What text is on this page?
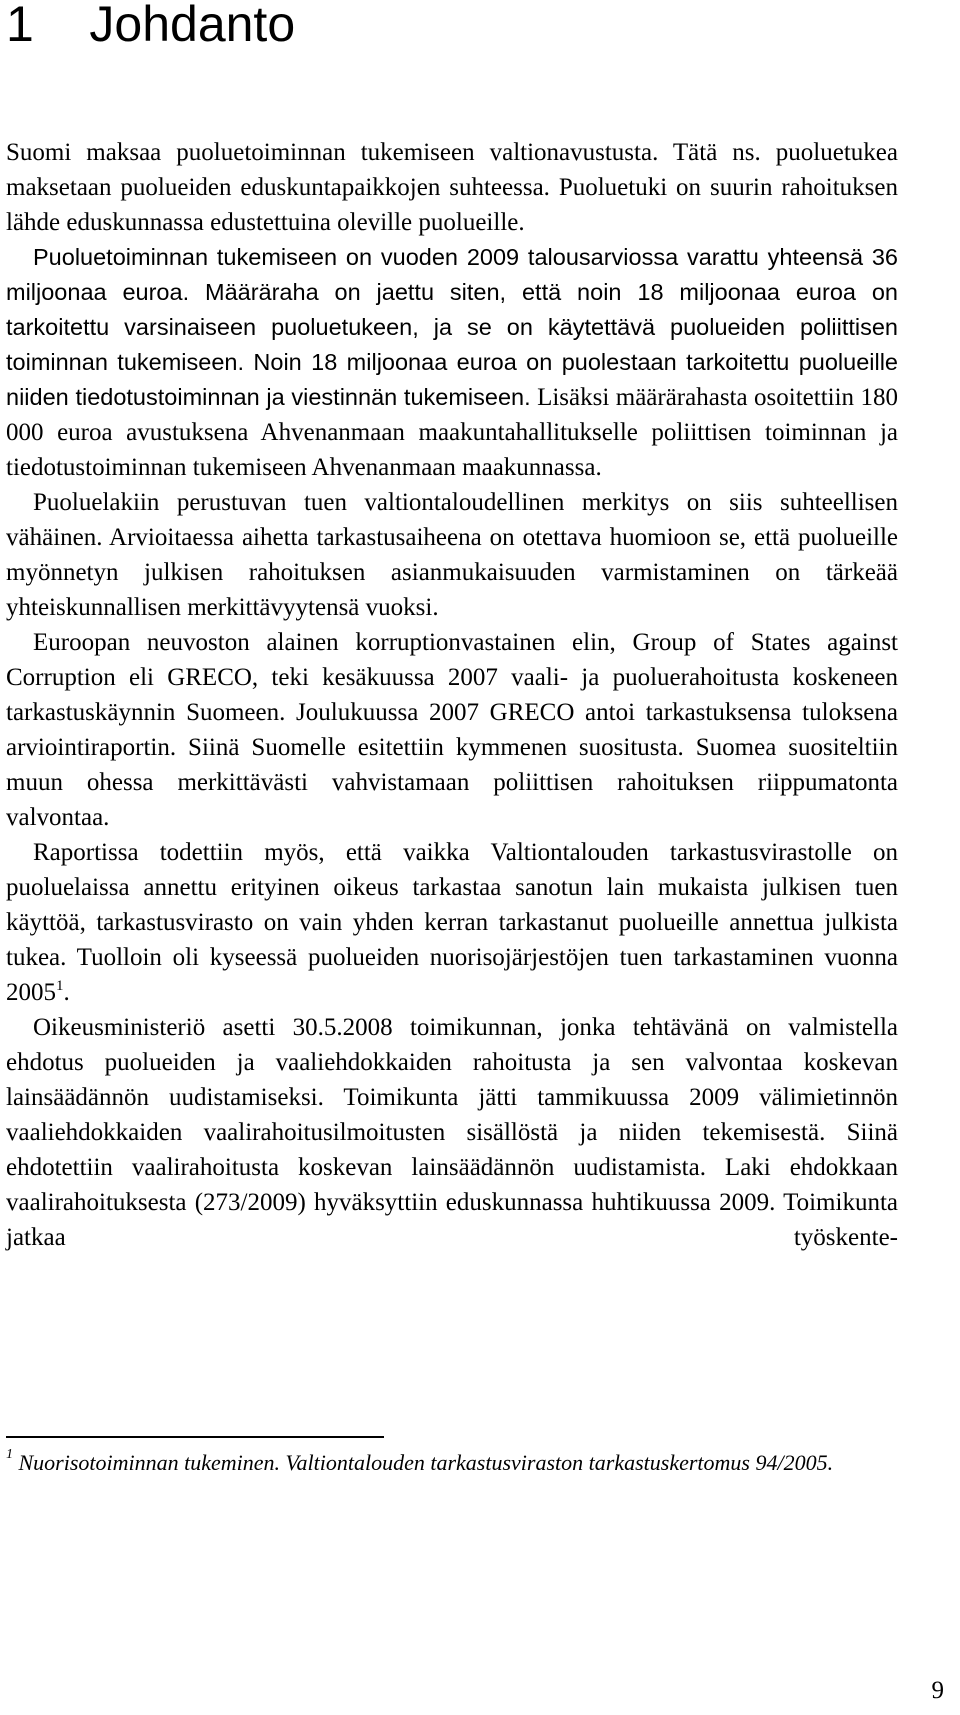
1 Johdanto

Suomi maksaa puoluetoiminnan tukemiseen valtionavustusta. Tätä ns. puoluetukea maksetaan puolueiden eduskuntapaikkojen suhteessa. Puoluetuki on suurin rahoituksen lähde eduskunnassa edustettuina oleville puolueille.

Puoluetoiminnan tukemiseen on vuoden 2009 talousarviossa varattu yhteensä 36 miljoonaa euroa. Määräraha on jaettu siten, että noin 18 miljoonaa euroa on tarkoitettu varsinaiseen puoluetukeen, ja se on käytettävä puolueiden poliittisen toiminnan tukemiseen. Noin 18 miljoonaa euroa on puolestaan tarkoitettu puolueille niiden tiedotustoiminnan ja viestinnän tukemiseen. Lisäksi määrärahasta osoitettiin 180 000 euroa avustuksena Ahvenanmaan maakuntahallitukselle poliittisen toiminnan ja tiedotustoiminnan tukemiseen Ahvenanmaan maakunnassa.

Puoluelakiin perustuvan tuen valtiontaloudellinen merkitys on siis suhteellisen vähäinen. Arvioitaessa aihetta tarkastusaiheena on otettava huomioon se, että puolueille myönnetyn julkisen rahoituksen asianmukaisuuden varmistaminen on tärkeää yhteiskunnallisen merkittävyytensä vuoksi.

Euroopan neuvoston alainen korruptionvastainen elin, Group of States against Corruption eli GRECO, teki kesäkuussa 2007 vaali- ja puoluerahoitusta koskeneen tarkastuskäynnin Suomeen. Joulukuussa 2007 GRECO antoi tarkastuksensa tuloksena arviointiraportin. Siinä Suomelle esitettiin kymmenen suositusta. Suomea suositeltiin muun ohessa merkittävästi vahvistamaan poliittisen rahoituksen riippumatonta valvontaa.

Raportissa todettiin myös, että vaikka Valtiontalouden tarkastusvirastolle on puoluelaissa annettu erityinen oikeus tarkastaa sanotun lain mukaista julkisen tuen käyttöä, tarkastusvirasto on vain yhden kerran tarkastanut puolueille annettua julkista tukea. Tuolloin oli kyseessä puolueiden nuorisojärjestöjen tuen tarkastaminen vuonna 2005$^1$.

Oikeusministeriö asetti 30.5.2008 toimikunnan, jonka tehtävänä on valmistella ehdotus puolueiden ja vaaliehdokkaiden rahoitusta ja sen valvontaa koskevan lainsäädännön uudistamiseksi. Toimikunta jätti tammikuussa 2009 välimietinnön vaaliehdokkaiden vaalirahoitusilmoitusten sisällöstä ja niiden tekemisestä. Siinä ehdotettiin vaalirahoitusta koskevan lainsäädännön uudistamista. Laki ehdokkaan vaalirahoituksesta (273/2009) hyväksyttiin eduskunnassa huhtikuussa 2009. Toimikunta jatkaa työskente-

$^1$ Nuorisotoiminnan tukeminen. Valtiontalouden tarkastusviraston tarkastuskertomus 94/2005.
9
